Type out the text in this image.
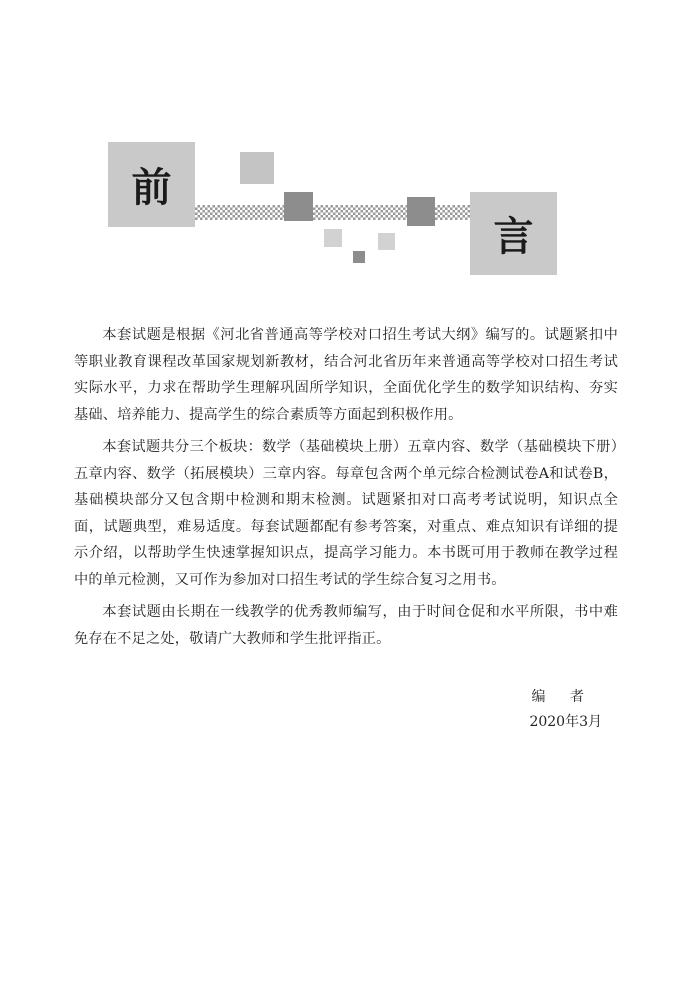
前
言

本套试题是根据《河北省普通高等学校对口招生考试大纲》编写的。试题紧扣中等职业教育课程改革国家规划新教材，结合河北省历年来普通高等学校对口招生考试实际水平，力求在帮助学生理解巩固所学知识，全面优化学生的数学知识结构、夯实基础、培养能力、提高学生的综合素质等方面起到积极作用。

本套试题共分三个板块：数学（基础模块上册）五章内容、数学（基础模块下册）五章内容、数学（拓展模块）三章内容。每章包含两个单元综合检测试卷A和试卷B，基础模块部分又包含期中检测和期末检测。试题紧扣对口高考考试说明，知识点全面，试题典型，难易适度。每套试题都配有参考答案，对重点、难点知识有详细的提示介绍，以帮助学生快速掌握知识点，提高学习能力。本书既可用于教师在教学过程中的单元检测，又可作为参加对口招生考试的学生综合复习之用书。

本套试题由长期在一线教学的优秀教师编写，由于时间仓促和水平所限，书中难免存在不足之处，敬请广大教师和学生批评指正。

编 者
2020年3月
